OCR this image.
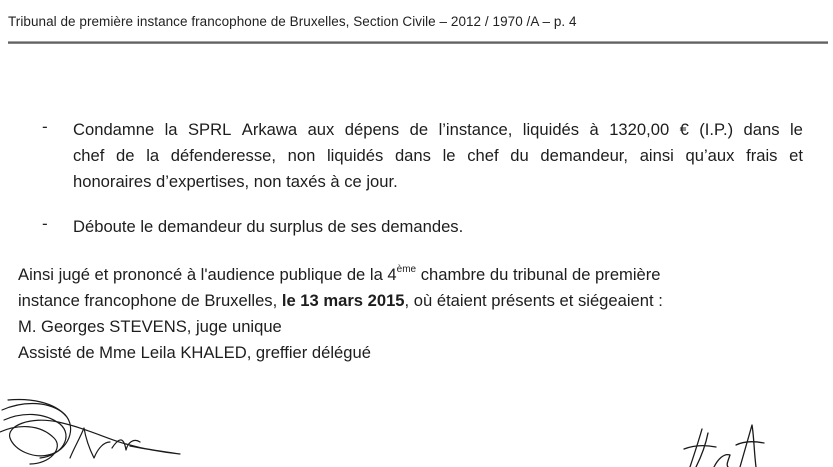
Tribunal de première instance francophone de Bruxelles, Section Civile – 2012 / 1970 /A – p. 4
- Condamne la SPRL Arkawa aux dépens de l’instance, liquidés à 1320,00 € (I.P.) dans le
chef de la défenderesse, non liquidés dans le chef du demandeur, ainsi qu’aux frais et
honoraires d’expertises, non taxés à ce jour.
- Déboute le demandeur du surplus de ses demandes.
Ainsi jugé et prononcé à l'audience publique de la 4ème chambre du tribunal de première
instance francophone de Bruxelles, le 13 mars 2015, où étaient présents et siégeaient :
M. Georges STEVENS, juge unique
Assisté de Mme Leila KHALED, greffier délégué
